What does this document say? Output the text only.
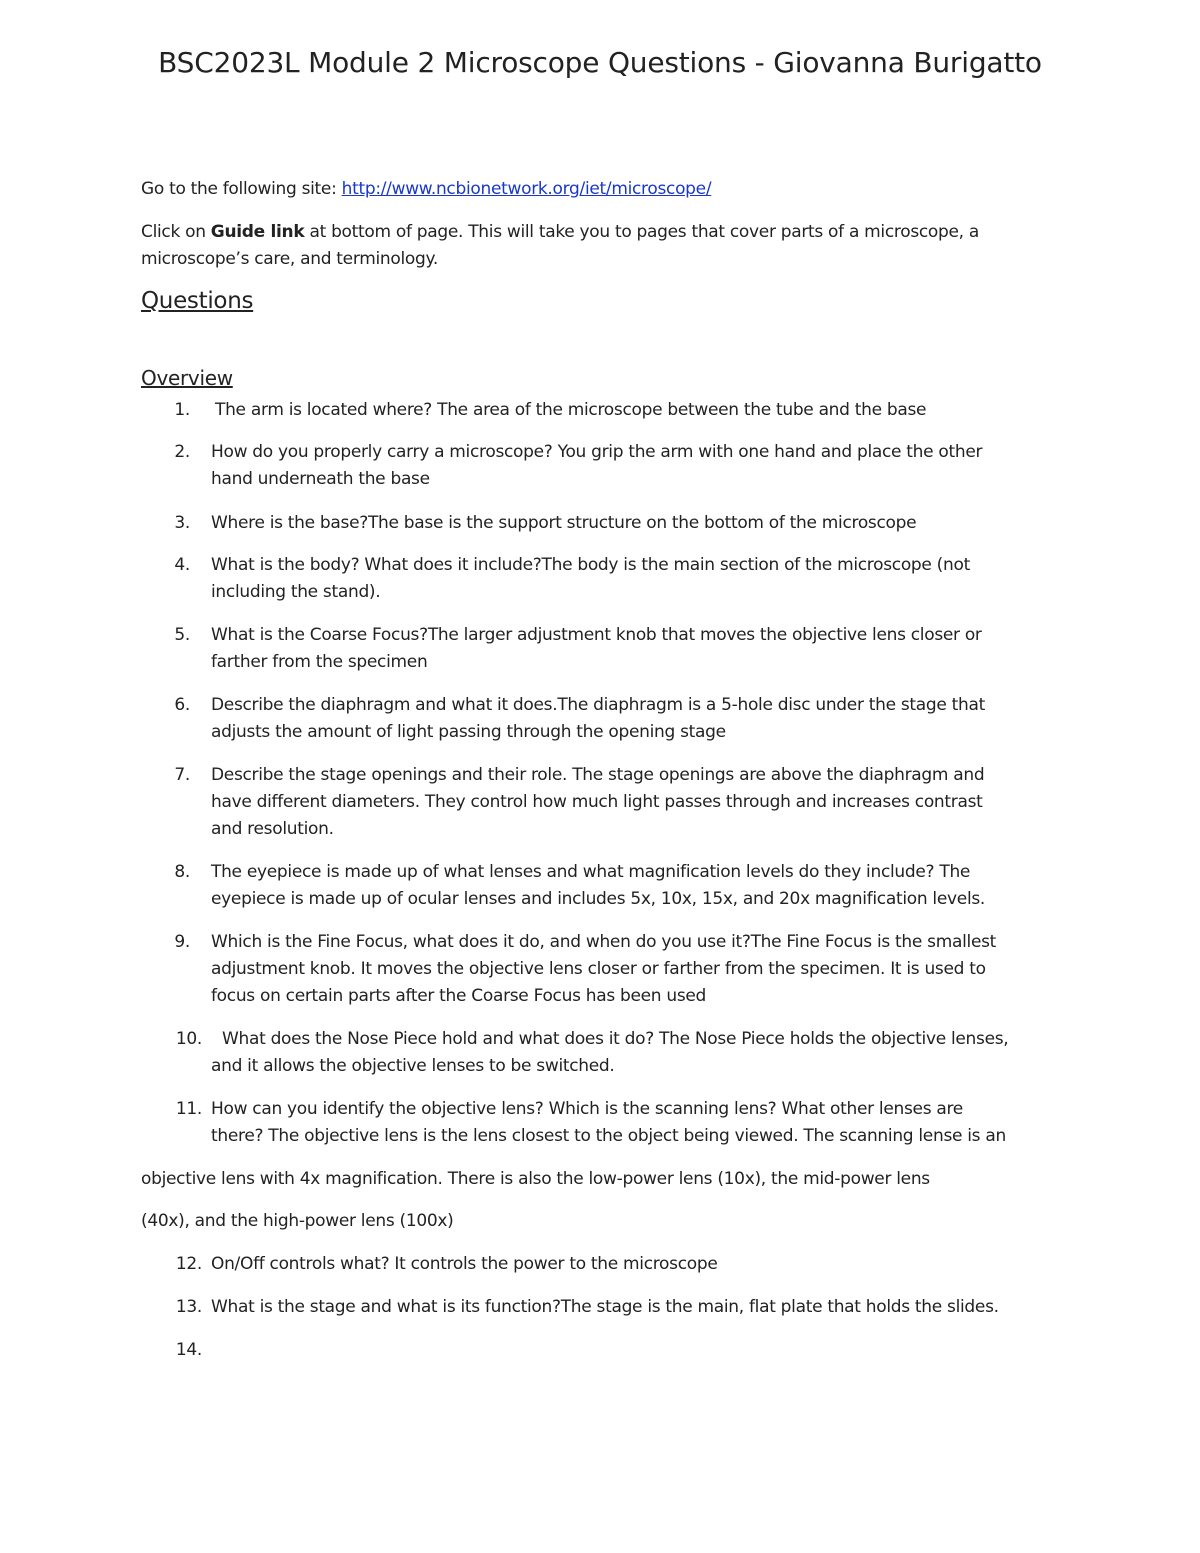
BSC2023L Module 2 Microscope Questions - Giovanna Burigatto
Go to the following site: http://www.ncbionetwork.org/iet/microscope/
Click on Guide link at bottom of page. This will take you to pages that cover parts of a microscope, a
microscope’s care, and terminology.
Questions
Overview
1. The arm is located where? The area of the microscope between the tube and the base
2. How do you properly carry a microscope? You grip the arm with one hand and place the other
hand underneath the base
3. Where is the base?The base is the support structure on the bottom of the microscope
4. What is the body? What does it include?The body is the main section of the microscope (not
including the stand).
5. What is the Coarse Focus?The larger adjustment knob that moves the objective lens closer or
farther from the specimen
6. Describe the diaphragm and what it does.The diaphragm is a 5-hole disc under the stage that
adjusts the amount of light passing through the opening stage
7. Describe the stage openings and their role. The stage openings are above the diaphragm and
have different diameters. They control how much light passes through and increases contrast
and resolution.
8. The eyepiece is made up of what lenses and what magnification levels do they include? The
eyepiece is made up of ocular lenses and includes 5x, 10x, 15x, and 20x magnification levels.
9. Which is the Fine Focus, what does it do, and when do you use it?The Fine Focus is the smallest
adjustment knob. It moves the objective lens closer or farther from the specimen. It is used to
focus on certain parts after the Coarse Focus has been used
10. What does the Nose Piece hold and what does it do? The Nose Piece holds the objective lenses,
and it allows the objective lenses to be switched.
11. How can you identify the objective lens? Which is the scanning lens? What other lenses are
there? The objective lens is the lens closest to the object being viewed. The scanning lense is an
objective lens with 4x magnification. There is also the low-power lens (10x), the mid-power lens
(40x), and the high-power lens (100x)
12. On/Off controls what? It controls the power to the microscope
13. What is the stage and what is its function?The stage is the main, flat plate that holds the slides.
14.
